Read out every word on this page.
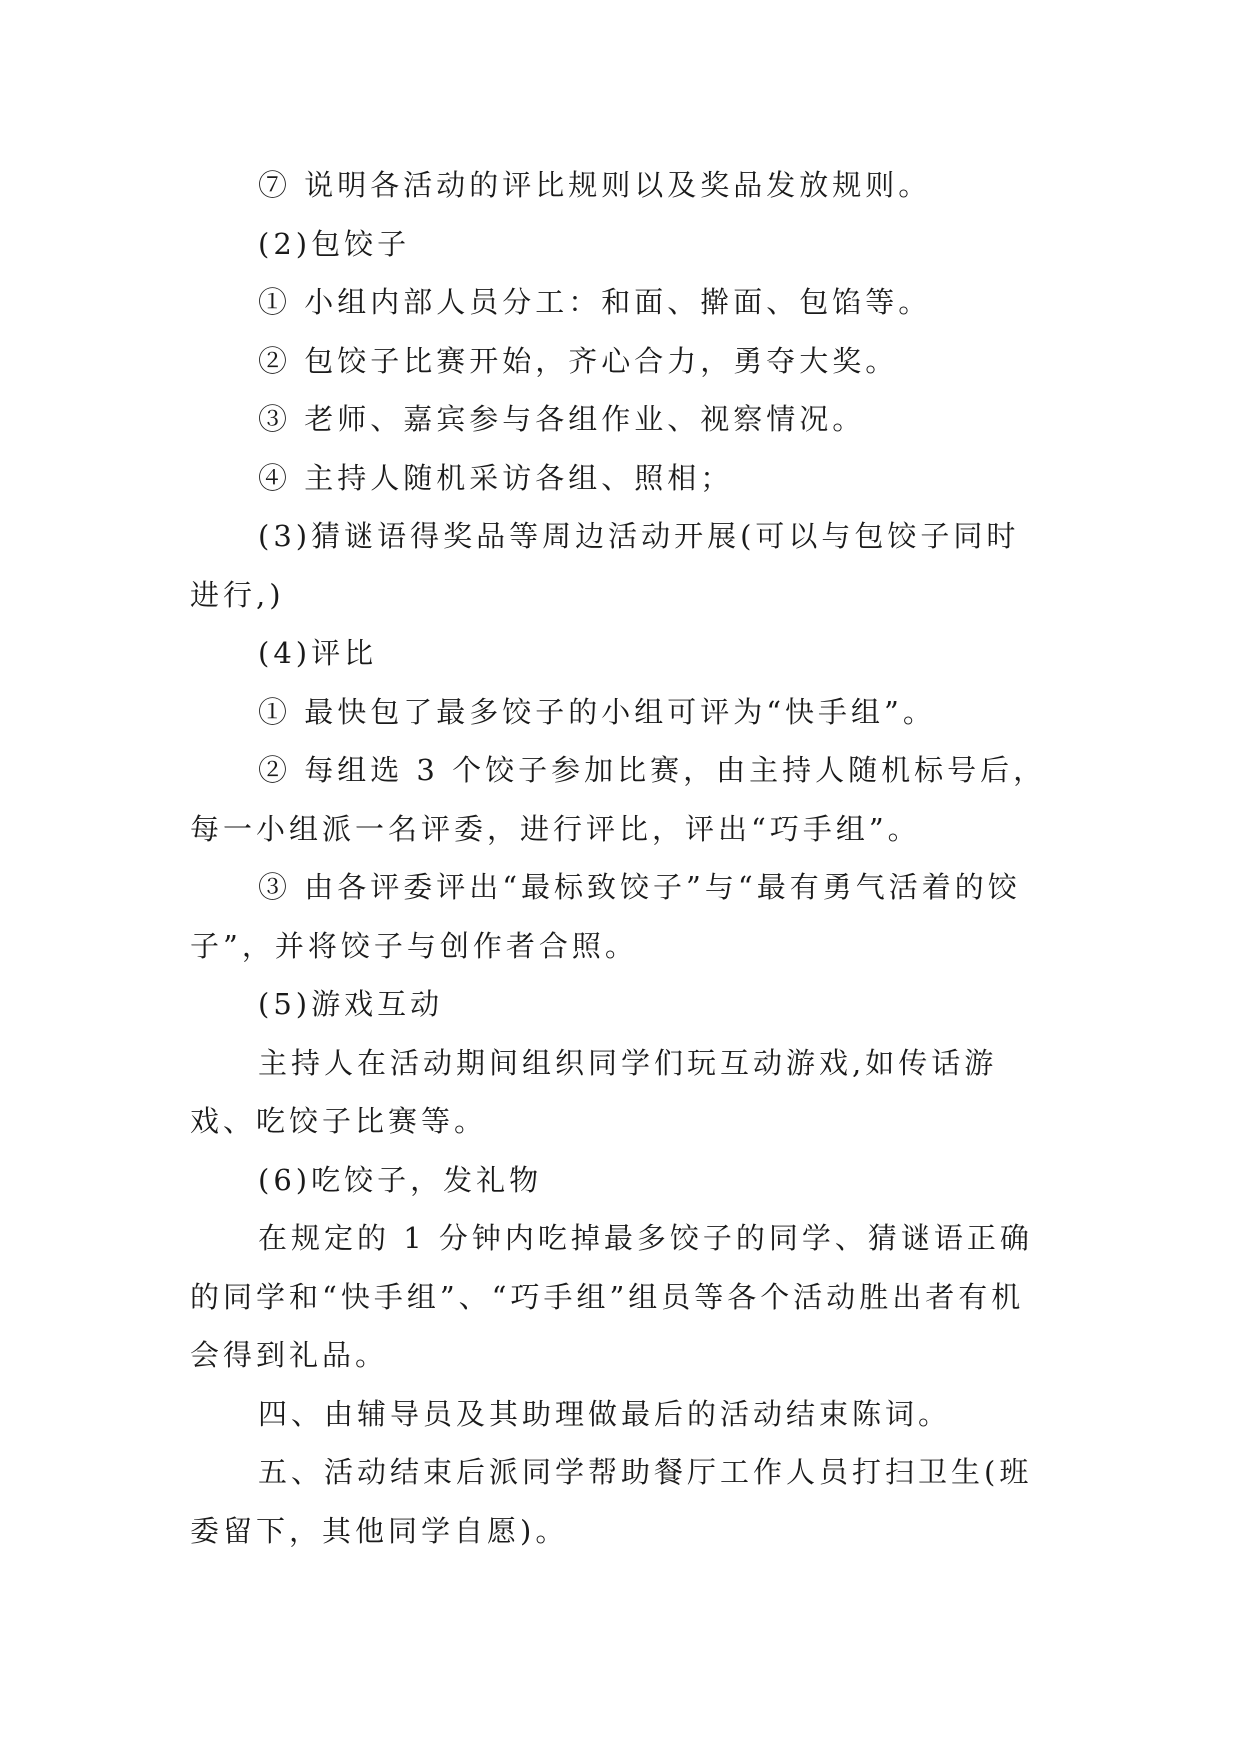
⑦ 说明各活动的评比规则以及奖品发放规则。

(2)包饺子

① 小组内部人员分工：和面、擀面、包馅等。

② 包饺子比赛开始，齐心合力，勇夺大奖。

③ 老师、嘉宾参与各组作业、视察情况。

④ 主持人随机采访各组、照相；

(3)猜谜语得奖品等周边活动开展(可以与包饺子同时进行,)

(4)评比

① 最快包了最多饺子的小组可评为“快手组”。

② 每组选 3 个饺子参加比赛，由主持人随机标号后，每一小组派一名评委，进行评比，评出“巧手组”。

③ 由各评委评出“最标致饺子”与“最有勇气活着的饺子”，并将饺子与创作者合照。

(5)游戏互动

主持人在活动期间组织同学们玩互动游戏,如传话游戏、吃饺子比赛等。

(6)吃饺子，发礼物

在规定的 1 分钟内吃掉最多饺子的同学、猜谜语正确的同学和“快手组”、“巧手组”组员等各个活动胜出者有机会得到礼品。

四、由辅导员及其助理做最后的活动结束陈词。

五、活动结束后派同学帮助餐厅工作人员打扫卫生(班委留下，其他同学自愿)。
